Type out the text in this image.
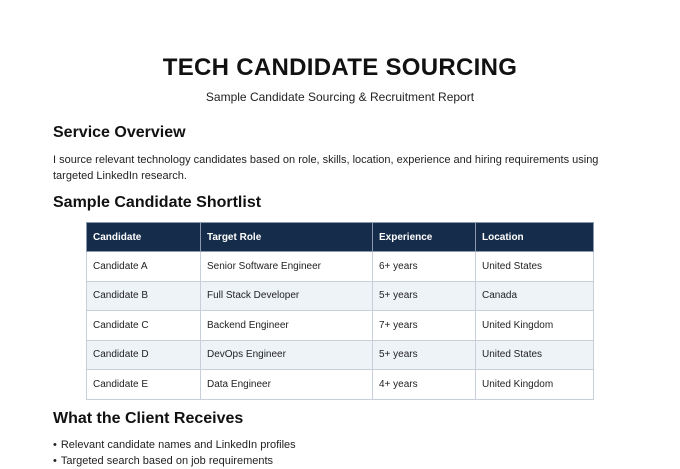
TECH CANDIDATE SOURCING
Sample Candidate Sourcing & Recruitment Report
Service Overview
I source relevant technology candidates based on role, skills, location, experience and hiring requirements using targeted LinkedIn research.
Sample Candidate Shortlist
Candidate	Target Role	Experience	Location
Candidate A	Senior Software Engineer	6+ years	United States
Candidate B	Full Stack Developer	5+ years	Canada
Candidate C	Backend Engineer	7+ years	United Kingdom
Candidate D	DevOps Engineer	5+ years	United States
Candidate E	Data Engineer	4+ years	United Kingdom
What the Client Receives
• Relevant candidate names and LinkedIn profiles
• Targeted search based on job requirements
